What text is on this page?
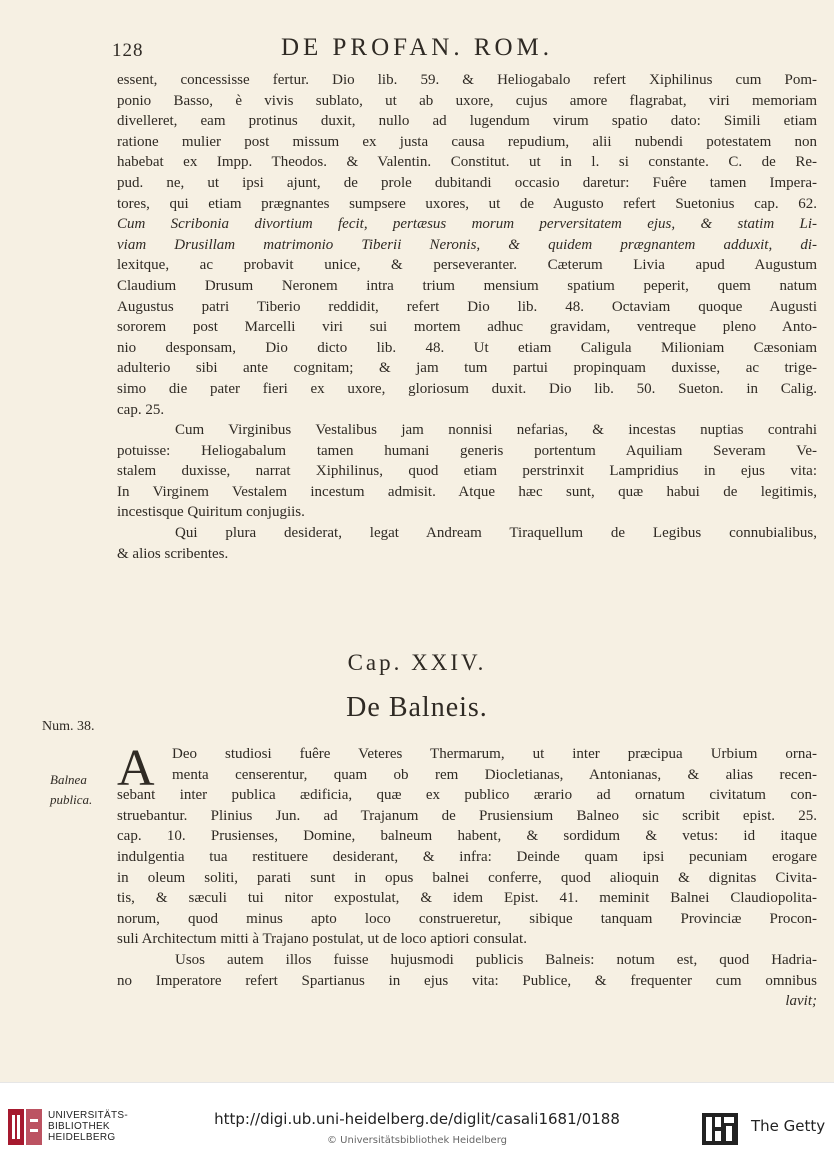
128	DE PROFAN. ROM.
essent, concessisse fertur. Dio lib. 59. & Heliogabalo refert Xiphilinus cum Pom-
ponio Basso, è vivis sublato, ut ab uxore, cujus amore flagrabat, viri memoriam
divelleret, eam protinus duxit, nullo ad lugendum virum spatio dato: Simili etiam
ratione mulier post missum ex justa causa repudium, alii nubendi potestatem non
habebat ex Impp. Theodos. & Valentin. Constitut. ut in l. si constante. C. de Re-
pud. ne, ut ipsi ajunt, de prole dubitandi occasio daretur: Fuêre tamen Impera-
tores, qui etiam prægnantes sumpsere uxores, ut de Augusto refert Suetonius cap. 62.
Cum Scribonia divortium fecit, pertæsus morum perversitatem ejus, & statim Li-
viam Drusillam matrimonio Tiberii Neronis, & quidem prægnantem adduxit, di-
lexitque, ac probavit unice, & perseveranter. Cæterum Livia apud Augustum
Claudium Drusum Neronem intra trium mensium spatium peperit, quem natum
Augustus patri Tiberio reddidit, refert Dio lib. 48. Octaviam quoque Augusti
sororem post Marcelli viri sui mortem adhuc gravidam, ventreque pleno Anto-
nio desponsam, Dio dicto lib. 48. Ut etiam Caligula Milioniam Cæsoniam
adulterio sibi ante cognitam; & jam tum partui propinquam duxisse, ac trige-
simo die pater fieri ex uxore, gloriosum duxit. Dio lib. 50. Sueton. in Calig.
cap. 25.
Cum Virginibus Vestalibus jam nonnisi nefarias, & incestas nuptias contrahi
potuisse: Heliogabalum tamen humani generis portentum Aquiliam Severam Ve-
stalem duxisse, narrat Xiphilinus, quod etiam perstrinxit Lampridius in ejus vita:
In Virginem Vestalem incestum admisit. Atque hæc sunt, quæ habui de legitimis,
incestisque Quiritum conjugiis.
Qui plura desiderat, legat Andream Tiraquellum de Legibus connubialibus,
& alios scribentes.
Cap. XXIV.
De Balneis.
Num. 38.
Balnea
publica.
A	Deo studiosi fuêre Veteres Thermarum, ut inter præcipua Urbium orna-
menta censerentur, quam ob rem Diocletianas, Antonianas, & alias recen-
sebant inter publica ædificia, quæ ex publico ærario ad ornatum civitatum con-
struebantur. Plinius Jun. ad Trajanum de Prusiensium Balneo sic scribit epist. 25.
cap. 10. Prusienses, Domine, balneum habent, & sordidum & vetus: id itaque
indulgentia tua restituere desiderant, & infra: Deinde quam ipsi pecuniam erogare
in oleum soliti, parati sunt in opus balnei conferre, quod alioquin & dignitas Civita-
tis, & sæculi tui nitor expostulat, & idem Epist. 41. meminit Balnei Claudiopolita-
norum, quod minus apto loco construeretur, sibique tanquam Provinciæ Procon-
suli Architectum mitti à Trajano postulat, ut de loco aptiori consulat.
Usos autem illos fuisse hujusmodi publicis Balneis: notum est, quod Hadria-
no Imperatore refert Spartianus in ejus vita: Publice, & frequenter cum omnibus
lavit;
UNIVERSITÄTS-
BIBLIOTHEK
HEIDELBERG
http://digi.ub.uni-heidelberg.de/diglit/casali1681/0188
© Universitätsbibliothek Heidelberg
The Getty
